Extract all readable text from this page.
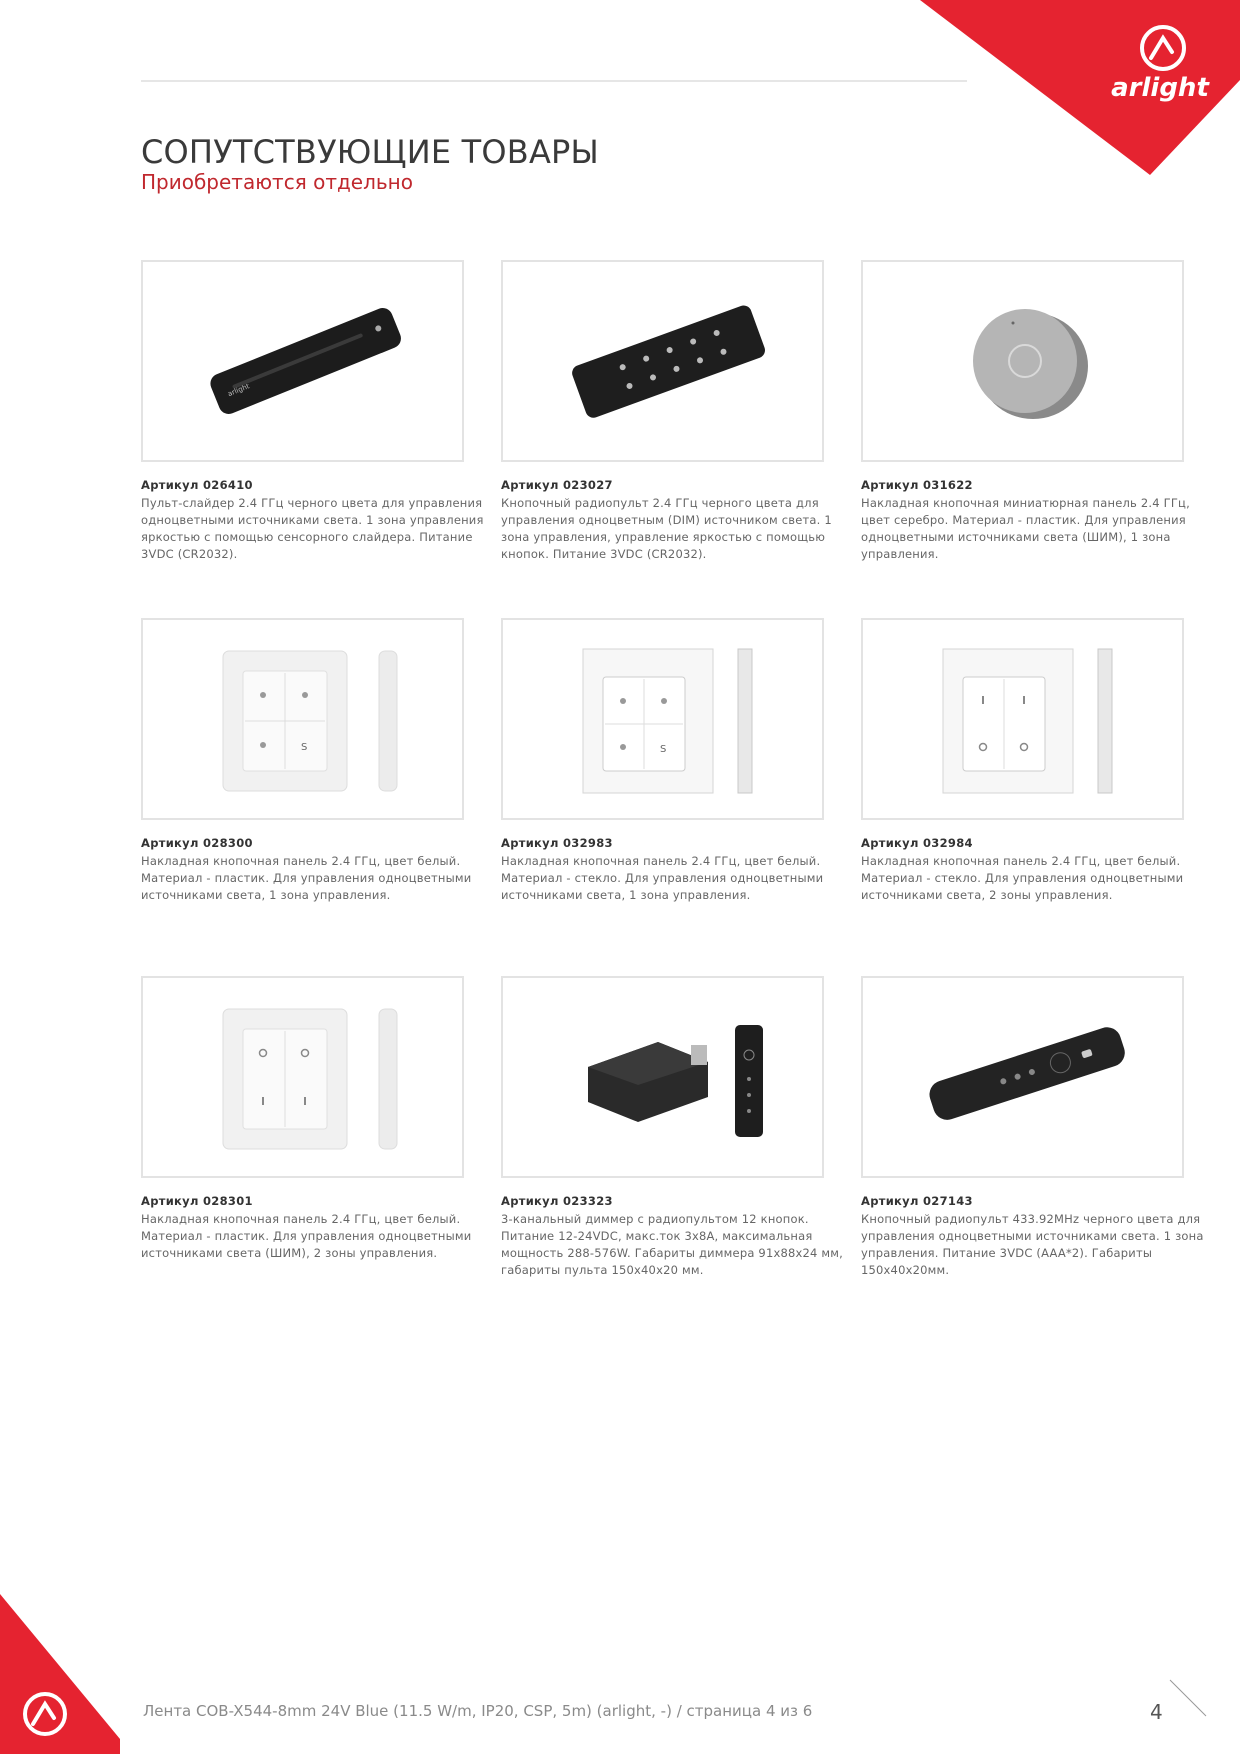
arlight
СОПУТСТВУЮЩИЕ ТОВАРЫ
Приобретаются отдельно
arlight
Артикул 026410
Пульт-слайдер 2.4 ГГц черного цвета для управления одноцветными источниками света. 1 зона управления яркостью с помощью сенсорного слайдера. Питание 3VDC (CR2032).
Артикул 023027
Кнопочный радиопульт 2.4 ГГц черного цвета для управления одноцветным (DIM) источником света. 1 зона управления, управление яркостью с помощью кнопок. Питание 3VDC (CR2032).
Артикул 031622
Накладная кнопочная миниатюрная панель 2.4 ГГц, цвет серебро. Материал - пластик. Для управления одноцветными источниками света (ШИМ), 1 зона управления.
S
Артикул 028300
Накладная кнопочная панель 2.4 ГГц, цвет белый. Материал - пластик. Для управления одноцветными источниками света, 1 зона управления.
S
Артикул 032983
Накладная кнопочная панель 2.4 ГГц, цвет белый. Материал - стекло. Для управления одноцветными источниками света, 1 зона управления.
Артикул 032984
Накладная кнопочная панель 2.4 ГГц, цвет белый. Материал - стекло. Для управления одноцветными источниками света, 2 зоны управления.
Артикул 028301
Накладная кнопочная панель 2.4 ГГц, цвет белый. Материал - пластик. Для управления одноцветными источниками света (ШИМ), 2 зоны управления.
Артикул 023323
3-канальный диммер с радиопультом 12 кнопок. Питание 12-24VDC, макс.ток 3х8А, максимальная мощность 288-576W. Габариты диммера 91х88х24 мм, габариты пульта 150х40х20 мм.
Артикул 027143
Кнопочный радиопульт 433.92MHz черного цвета для управления одноцветными источниками света. 1 зона управления. Питание 3VDC (AAA*2). Габариты 150х40х20мм.
Лента COB-X544-8mm 24V Blue (11.5 W/m, IP20, CSP, 5m) (arlight, -) / страница 4 из 6	4
